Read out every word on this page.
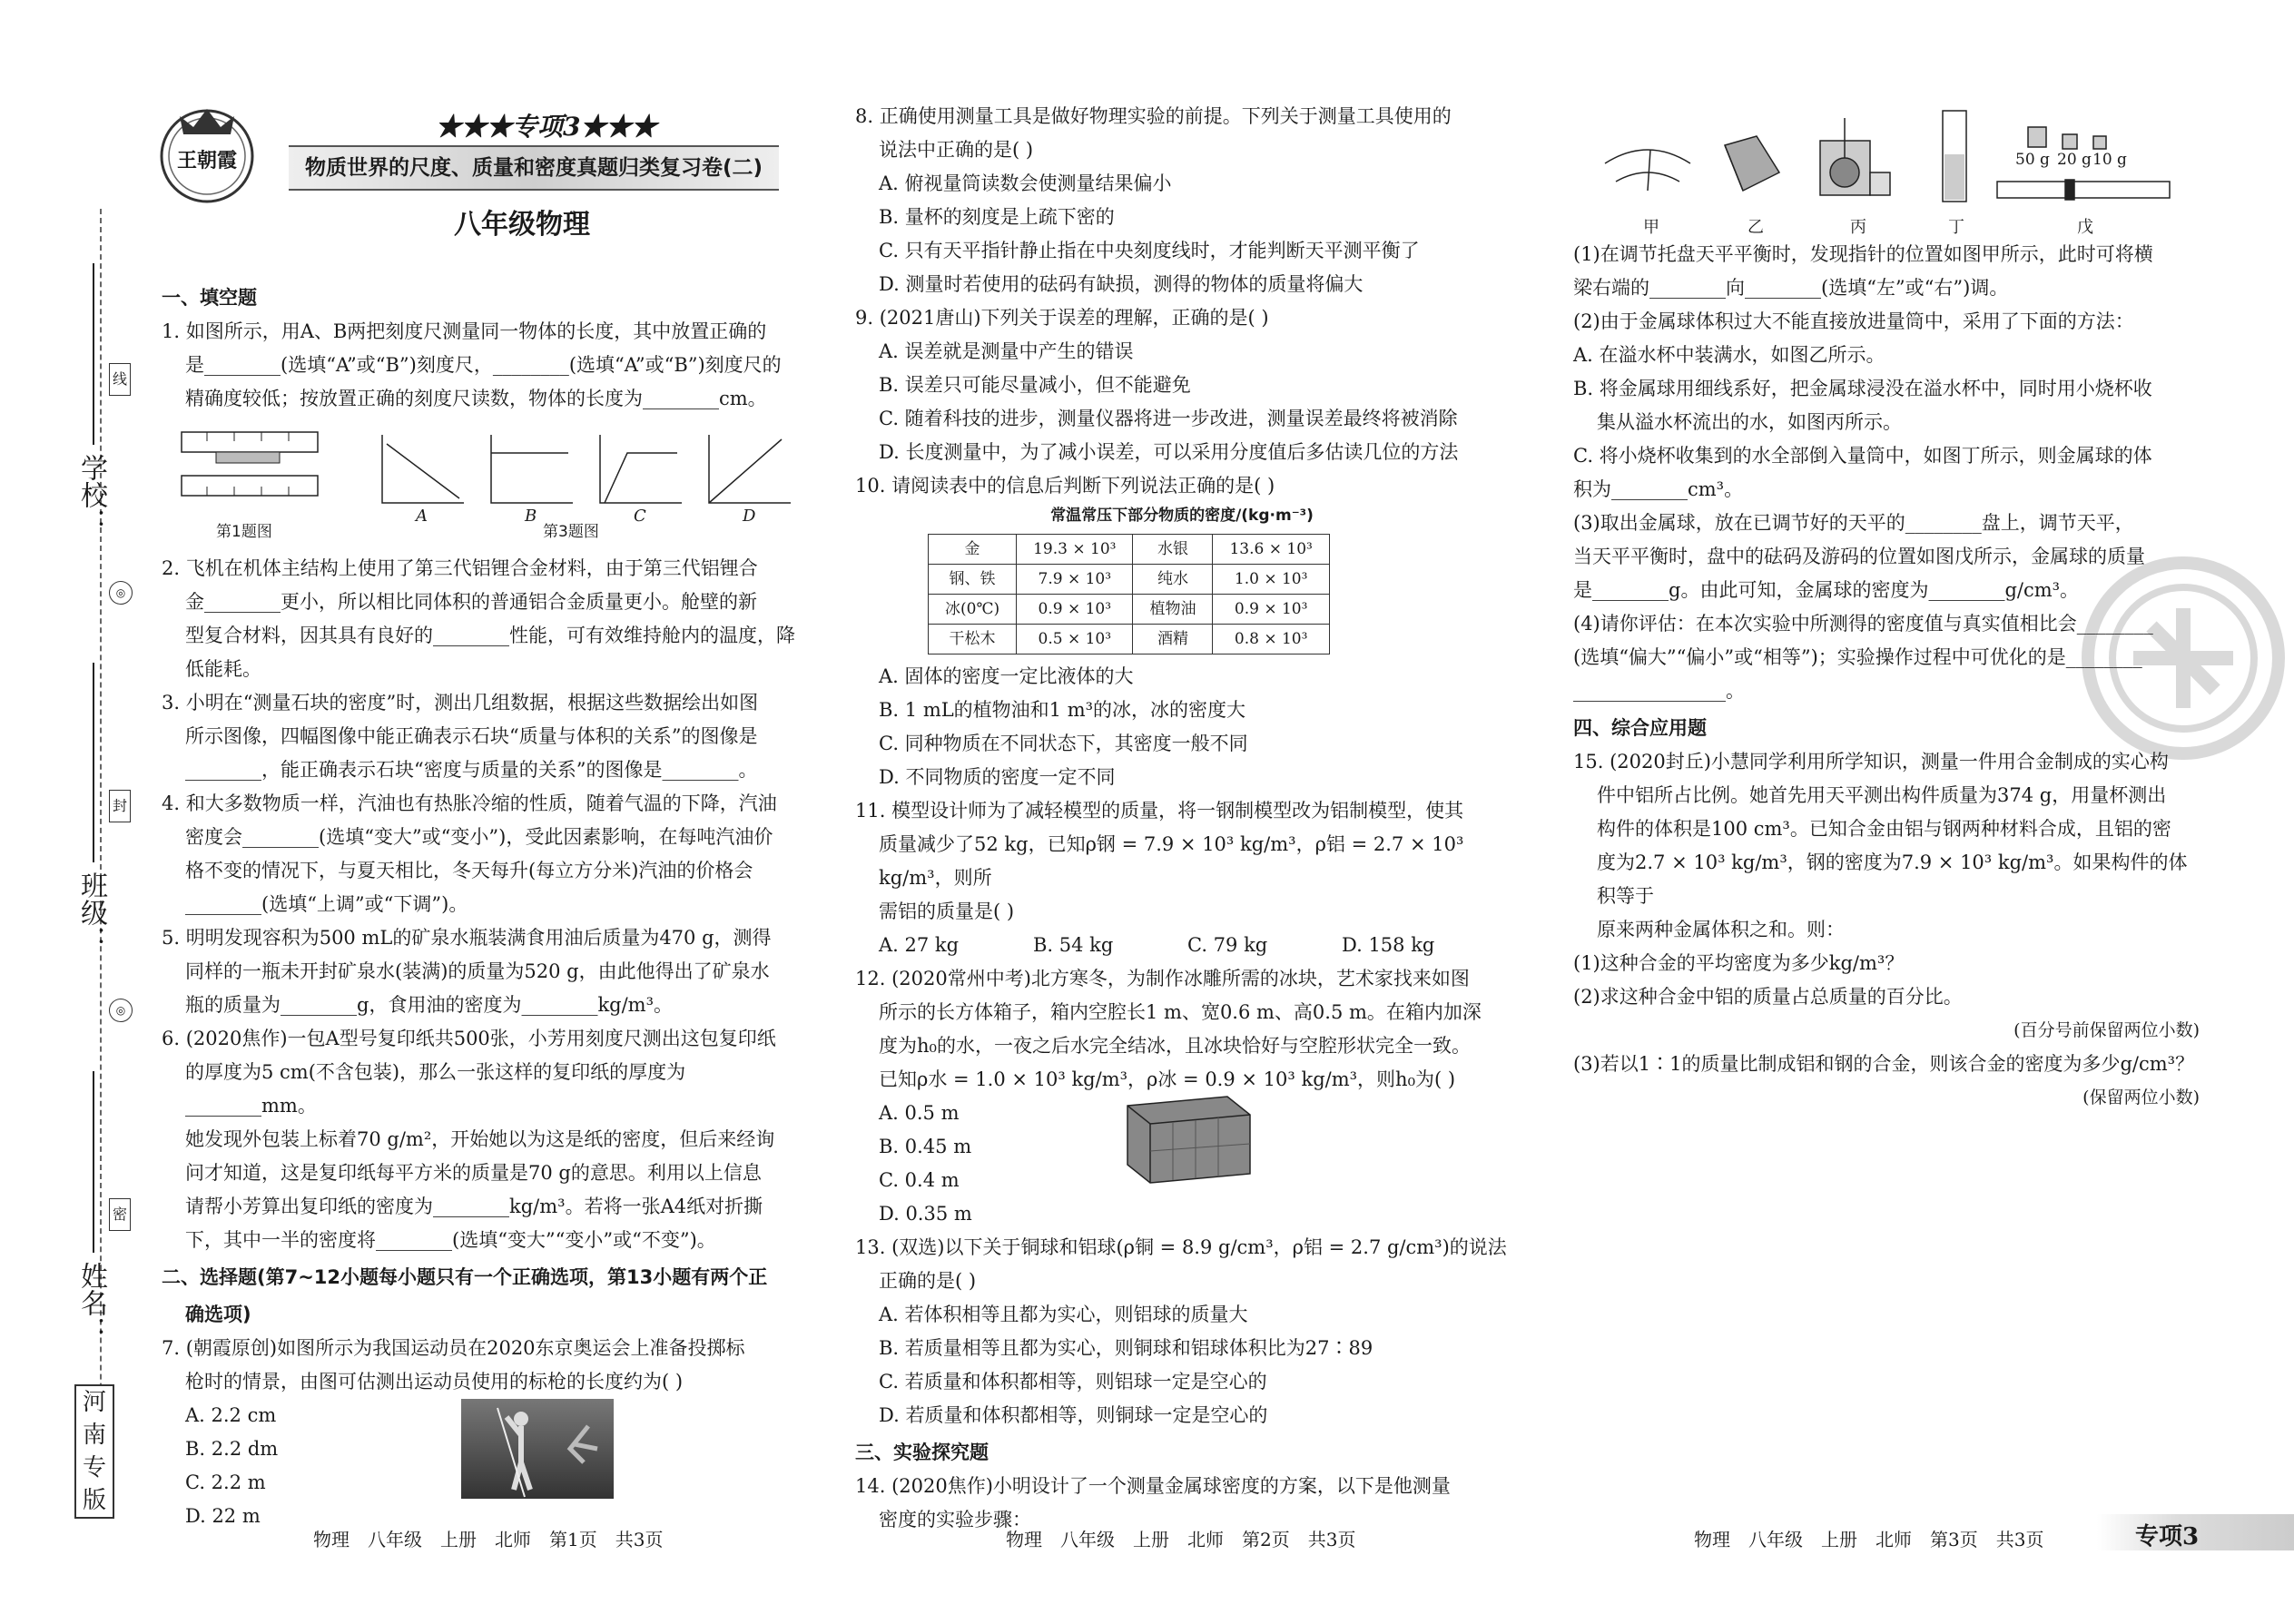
学校：
班级：
姓名：
线
◎
封
◎
密
河
南
专
版
王朝霞
★★★专项3★★★
物质世界的尺度、质量和密度真题归类复习卷(二)
八年级物理

一、填空题

1. 如图所示，用A、B两把刻度尺测量同一物体的长度，其中放置正确的

是________(选填“A”或“B”)刻度尺，________(选填“A”或“B”)刻度尺的

精确度较低；按放置正确的刻度尺读数，物体的长度为________cm。

A	B	C	D
第1题图	第3题图

2. 飞机在机体主结构上使用了第三代铝锂合金材料，由于第三代铝锂合

金________更小，所以相比同体积的普通铝合金质量更小。舱壁的新

型复合材料，因其具有良好的________性能，可有效维持舱内的温度，降

低能耗。

3. 小明在“测量石块的密度”时，测出几组数据，根据这些数据绘出如图

所示图像，四幅图像中能正确表示石块“质量与体积的关系”的图像是

________，能正确表示石块“密度与质量的关系”的图像是________。

4. 和大多数物质一样，汽油也有热胀冷缩的性质，随着气温的下降，汽油

密度会________(选填“变大”或“变小”)，受此因素影响，在每吨汽油价

格不变的情况下，与夏天相比，冬天每升(每立方分米)汽油的价格会

________(选填“上调”或“下调”)。

5. 明明发现容积为500 mL的矿泉水瓶装满食用油后质量为470 g，测得

同样的一瓶未开封矿泉水(装满)的质量为520 g，由此他得出了矿泉水

瓶的质量为________g，食用油的密度为________kg/m³。

6. (2020焦作)一包A型号复印纸共500张，小芳用刻度尺测出这包复印纸

的厚度为5 cm(不含包装)，那么一张这样的复印纸的厚度为________mm。

她发现外包装上标着70 g/m²，开始她以为这是纸的密度，但后来经询

问才知道，这是复印纸每平方米的质量是70 g的意思。利用以上信息

请帮小芳算出复印纸的密度为________kg/m³。若将一张A4纸对折撕

下，其中一半的密度将________(选填“变大”“变小”或“不变”)。

二、选择题(第7~12小题每小题只有一个正确选项，第13小题有两个正

确选项)

7. (朝霞原创)如图所示为我国运动员在2020东京奥运会上准备投掷标

枪时的情景，由图可估测出运动员使用的标枪的长度约为( )

A. 2.2 cm

B. 2.2 dm

C. 2.2 m

D. 22 m

物理　八年级　上册　北师　第1页　共3页

8. 正确使用测量工具是做好物理实验的前提。下列关于测量工具使用的

说法中正确的是( )

A. 俯视量筒读数会使测量结果偏小

B. 量杯的刻度是上疏下密的

C. 只有天平指针静止指在中央刻度线时，才能判断天平测平衡了

D. 测量时若使用的砝码有缺损，测得的物体的质量将偏大

9. (2021唐山)下列关于误差的理解，正确的是( )

A. 误差就是测量中产生的错误

B. 误差只可能尽量减小，但不能避免

C. 随着科技的进步，测量仪器将进一步改进，测量误差最终将被消除

D. 长度测量中，为了减小误差，可以采用分度值后多估读几位的方法

10. 请阅读表中的信息后判断下列说法正确的是( )

常温常压下部分物质的密度/(kg·m⁻³)

金	19.3 × 10³	水银	13.6 × 10³
钢、铁	7.9 × 10³	纯水	1.0 × 10³
冰(0℃)	0.9 × 10³	植物油	0.9 × 10³
干松木	0.5 × 10³	酒精	0.8 × 10³

A. 固体的密度一定比液体的大

B. 1 mL的植物油和1 m³的冰，冰的密度大

C. 同种物质在不同状态下，其密度一般不同

D. 不同物质的密度一定不同

11. 模型设计师为了减轻模型的质量，将一钢制模型改为铝制模型，使其

质量减少了52 kg，已知ρ钢 = 7.9 × 10³ kg/m³，ρ铝 = 2.7 × 10³ kg/m³，则所

需铝的质量是( )

A. 27 kg	B. 54 kg	C. 79 kg	D. 158 kg

12. (2020常州中考)北方寒冬，为制作冰雕所需的冰块，艺术家找来如图

所示的长方体箱子，箱内空腔长1 m、宽0.6 m、高0.5 m。在箱内加深

度为h₀的水，一夜之后水完全结冰，且冰块恰好与空腔形状完全一致。

已知ρ水 = 1.0 × 10³ kg/m³，ρ冰 = 0.9 × 10³ kg/m³，则h₀为( )

A. 0.5 m

B. 0.45 m

C. 0.4 m

D. 0.35 m

13. (双选)以下关于铜球和铝球(ρ铜 = 8.9 g/cm³，ρ铝 = 2.7 g/cm³)的说法

正确的是( )

A. 若体积相等且都为实心，则铝球的质量大

B. 若质量相等且都为实心，则铜球和铝球体积比为27∶89

C. 若质量和体积都相等，则铝球一定是空心的

D. 若质量和体积都相等，则铜球一定是空心的

三、实验探究题

14. (2020焦作)小明设计了一个测量金属球密度的方案，以下是他测量

密度的实验步骤：

物理　八年级　上册　北师　第2页　共3页
50 g 20 g 10 g
甲	乙	丙	丁	戊

(1)在调节托盘天平平衡时，发现指针的位置如图甲所示，此时可将横

梁右端的________向________(选填“左”或“右”)调。

(2)由于金属球体积过大不能直接放进量筒中，采用了下面的方法：

A. 在溢水杯中装满水，如图乙所示。

B. 将金属球用细线系好，把金属球浸没在溢水杯中，同时用小烧杯收

集从溢水杯流出的水，如图丙所示。

C. 将小烧杯收集到的水全部倒入量筒中，如图丁所示，则金属球的体

积为________cm³。

(3)取出金属球，放在已调节好的天平的________盘上，调节天平，

当天平平衡时，盘中的砝码及游码的位置如图戊所示，金属球的质量

是________g。由此可知，金属球的密度为________g/cm³。

(4)请你评估：在本次实验中所测得的密度值与真实值相比会________

(选填“偏大”“偏小”或“相等”)；实验操作过程中可优化的是________

________________。

四、综合应用题

15. (2020封丘)小慧同学利用所学知识，测量一件用合金制成的实心构

件中铝所占比例。她首先用天平测出构件质量为374 g，用量杯测出

构件的体积是100 cm³。已知合金由铝与钢两种材料合成，且铝的密

度为2.7 × 10³ kg/m³，钢的密度为7.9 × 10³ kg/m³。如果构件的体积等于

原来两种金属体积之和。则：

(1)这种合金的平均密度为多少kg/m³？

(2)求这种合金中铝的质量占总质量的百分比。

(百分号前保留两位小数)

(3)若以1∶1的质量比制成铝和钢的合金，则该合金的密度为多少g/cm³？

(保留两位小数)

物理　八年级　上册　北师　第3页　共3页	专项3
